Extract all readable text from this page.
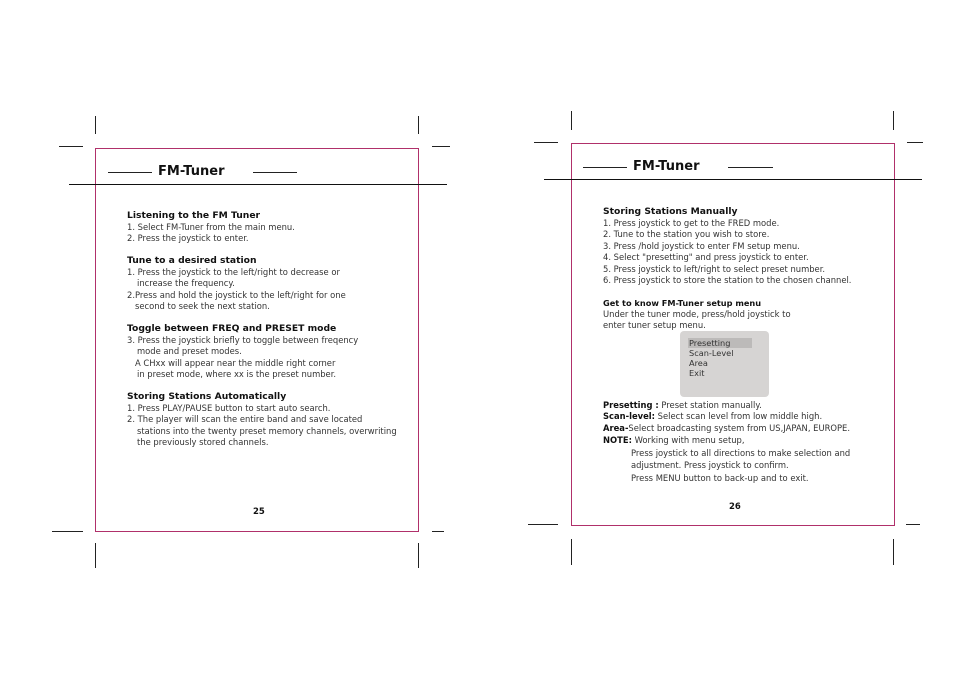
FM-Tuner

Listening to the FM Tuner

1. Select FM-Tuner from the main menu.

2. Press the joystick to enter.

Tune to a desired station

1. Press the joystick to the left/right to decrease or

increase the frequency.

2.Press and hold the joystick to the left/right for one

second to seek the next station.

Toggle between FREQ and PRESET mode

3. Press the joystick briefly to toggle between freqency

mode and preset modes.

A CHxx will appear near the middle right corner

in preset mode, where xx is the preset number.

Storing Stations Automatically

1. Press PLAY/PAUSE button to start auto search.

2. The player will scan the entire band and save located

stations into the twenty preset memory channels, overwriting

the previously stored channels.

25
FM-Tuner

Storing Stations Manually

1. Press joystick to get to the FRED mode.

2. Tune to the station you wish to store.

3. Press /hold joystick to enter FM setup menu.

4. Select "presetting" and press joystick to enter.

5. Press joystick to left/right to select preset number.

6. Press joystick to store the station to the chosen channel.

Get to know FM-Tuner setup menu

Under the tuner mode, press/hold joystick to

enter tuner setup menu.

Presetting
Scan-Level
Area
Exit

Presetting : Preset station manually.

Scan-level: Select scan level from low middle high.

Area-Select broadcasting system from US,JAPAN, EUROPE.

NOTE: Working with menu setup,

Press joystick to all directions to make selection and

adjustment. Press joystick to confirm.

Press MENU button to back-up and to exit.

26
